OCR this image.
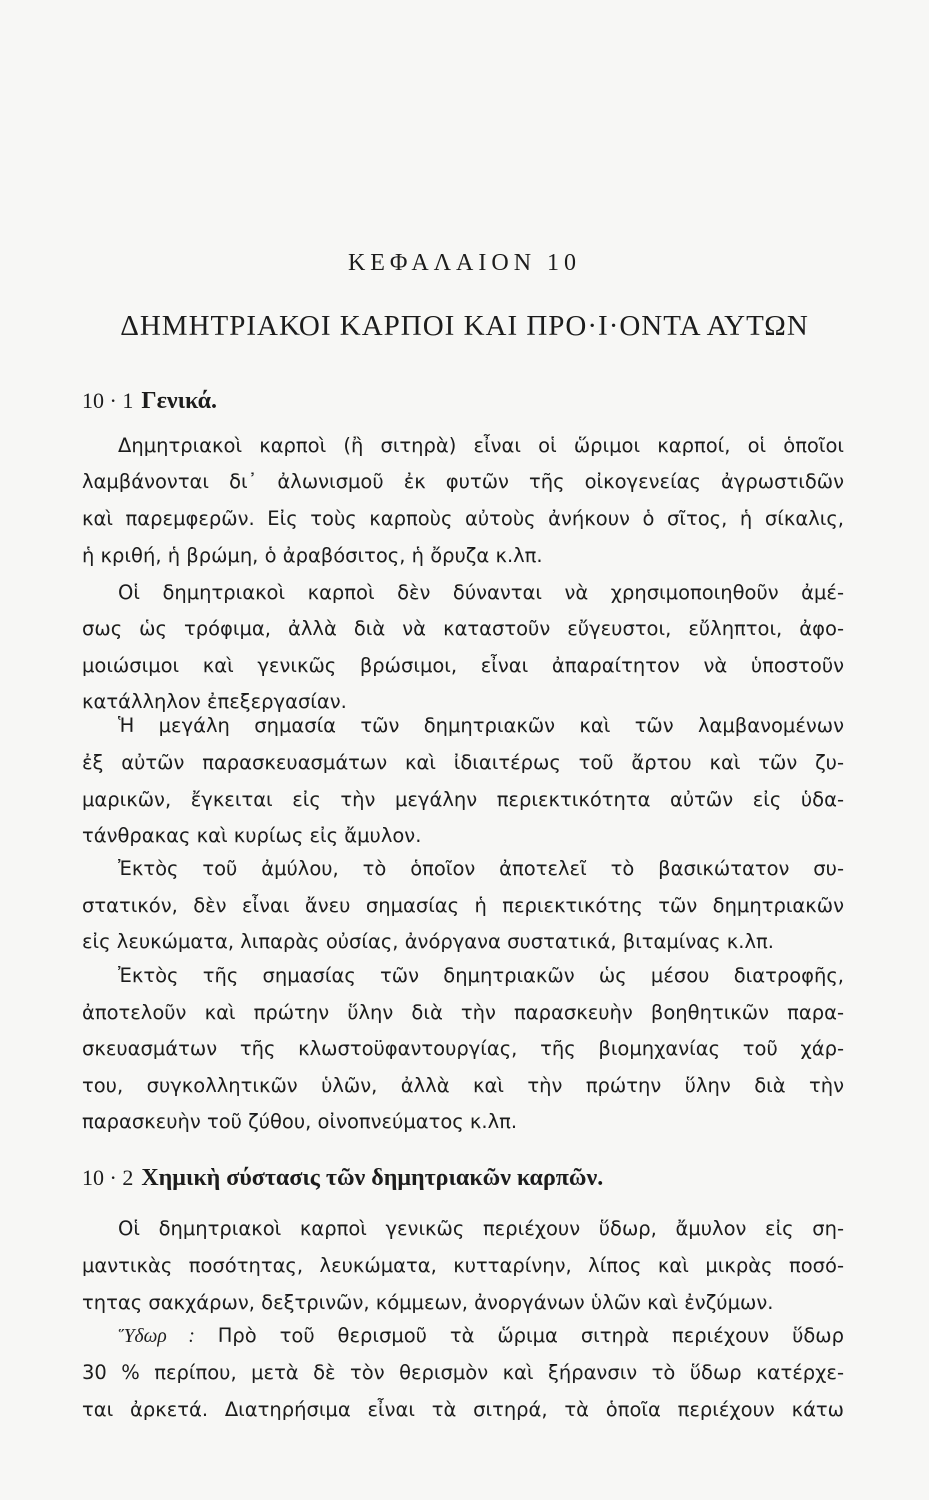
ΚΕΦΑΛΑΙΟΝ 10
ΔΗΜΗΤΡΙΑΚΟΙ ΚΑΡΠΟΙ ΚΑΙ ΠΡΟ·Ι·ΟΝΤΑ ΑΥΤΩΝ
10 · 1 Γενικά.
Δημητριακοὶ καρποὶ (ἢ σιτηρὰ) εἶναι οἱ ὥριμοι καρποί, οἱ ὁποῖοι
λαμβάνονται δι᾽ ἀλωνισμοῦ ἐκ φυτῶν τῆς οἰκογενείας ἀγρωστιδῶν
καὶ παρεμφερῶν. Εἰς τοὺς καρποὺς αὐτοὺς ἀνήκουν ὁ σῖτος, ἡ σίκαλις,
ἡ κριθή, ἡ βρώμη, ὁ ἀραβόσιτος, ἡ ὄρυζα κ.λπ.
Οἱ δημητριακοὶ καρποὶ δὲν δύνανται νὰ χρησιμοποιηθοῦν ἀμέ-
σως ὡς τρόφιμα, ἀλλὰ διὰ νὰ καταστοῦν εὔγευστοι, εὔληπτοι, ἀφο-
μοιώσιμοι καὶ γενικῶς βρώσιμοι, εἶναι ἀπαραίτητον νὰ ὑποστοῦν
κατάλληλον ἐπεξεργασίαν.
Ἡ μεγάλη σημασία τῶν δημητριακῶν καὶ τῶν λαμβανομένων
ἐξ αὐτῶν παρασκευασμάτων καὶ ἰδιαιτέρως τοῦ ἄρτου καὶ τῶν ζυ-
μαρικῶν, ἔγκειται εἰς τὴν μεγάλην περιεκτικότητα αὐτῶν εἰς ὑδα-
τάνθρακας καὶ κυρίως εἰς ἄμυλον.
Ἐκτὸς τοῦ ἀμύλου, τὸ ὁποῖον ἀποτελεῖ τὸ βασικώτατον συ-
στατικόν, δὲν εἶναι ἄνευ σημασίας ἡ περιεκτικότης τῶν δημητριακῶν
εἰς λευκώματα, λιπαρὰς οὐσίας, ἀνόργανα συστατικά, βιταμίνας κ.λπ.
Ἐκτὸς τῆς σημασίας τῶν δημητριακῶν ὡς μέσου διατροφῆς,
ἀποτελοῦν καὶ πρώτην ὕλην διὰ τὴν παρασκευὴν βοηθητικῶν παρα-
σκευασμάτων τῆς κλωστοϋφαντουργίας, τῆς βιομηχανίας τοῦ χάρ-
του, συγκολλητικῶν ὑλῶν, ἀλλὰ καὶ τὴν πρώτην ὕλην διὰ τὴν
παρασκευὴν τοῦ ζύθου, οἰνοπνεύματος κ.λπ.
10 · 2 Χημικὴ σύστασις τῶν δημητριακῶν καρπῶν.
Οἱ δημητριακοὶ καρποὶ γενικῶς περιέχουν ὕδωρ, ἄμυλον εἰς ση-
μαντικὰς ποσότητας, λευκώματα, κυτταρίνην, λίπος καὶ μικρὰς ποσό-
τητας σακχάρων, δεξτρινῶν, κόμμεων, ἀνοργάνων ὑλῶν καὶ ἐνζύμων.
Ὕδωρ : Πρὸ τοῦ θερισμοῦ τὰ ὥριμα σιτηρὰ περιέχουν ὕδωρ
30 % περίπου, μετὰ δὲ τὸν θερισμὸν καὶ ξήρανσιν τὸ ὕδωρ κατέρχε-
ται ἀρκετά. Διατηρήσιμα εἶναι τὰ σιτηρά, τὰ ὁποῖα περιέχουν κάτω
